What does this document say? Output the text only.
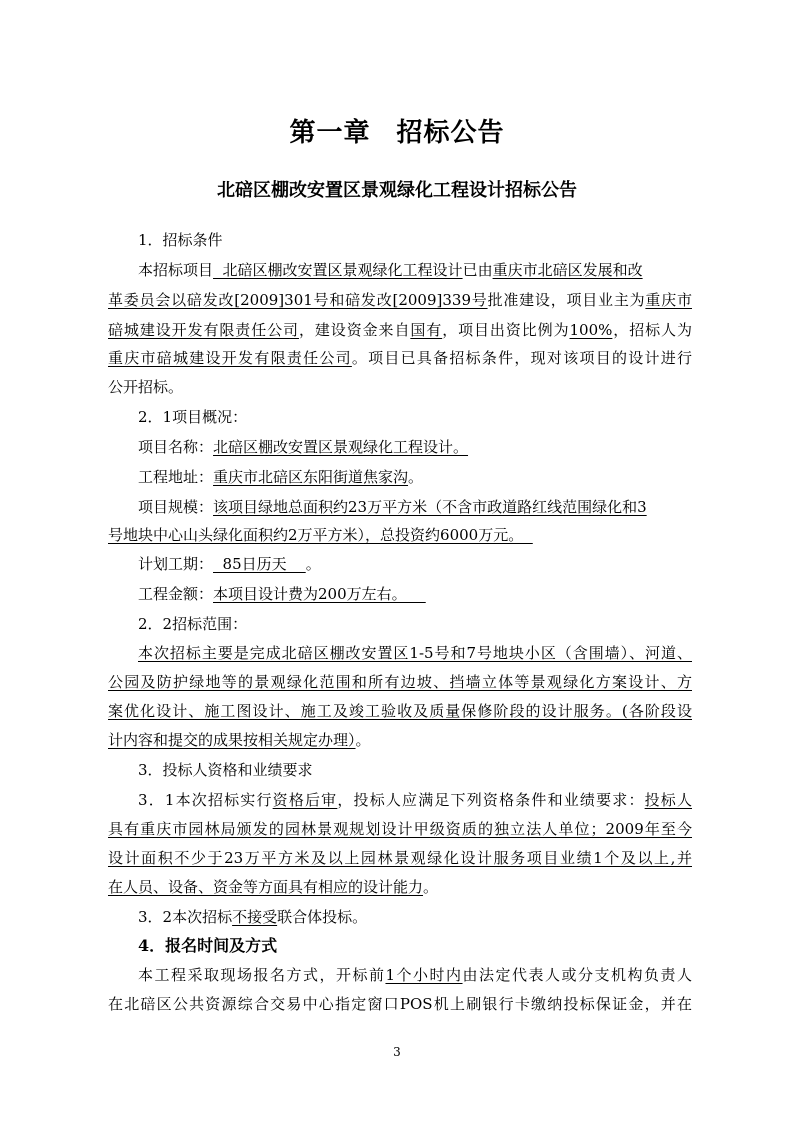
第一章 招标公告
北碚区棚改安置区景观绿化工程设计招标公告
1．招标条件
本招标项目  北碚区棚改安置区景观绿化工程设计已由重庆市北碚区发展和改
革委员会以碚发改[2009]301号和碚发改[2009]339号批准建设，项目业主为重庆市
碚城建设开发有限责任公司，建设资金来自国有，项目出资比例为100%，招标人为
重庆市碚城建设开发有限责任公司。项目已具备招标条件，现对该项目的设计进行
公开招标。
2．1项目概况：
项目名称：北碚区棚改安置区景观绿化工程设计。
工程地址：重庆市北碚区东阳街道焦家沟。
项目规模：该项目绿地总面积约23万平方米（不含市政道路红线范围绿化和3
号地块中心山头绿化面积约2万平方米），总投资约6000万元。
计划工期：  85日历天    。
工程金额：本项目设计费为200万左右。
2．2招标范围：
本次招标主要是完成北碚区棚改安置区1-5号和7号地块小区（含围墙）、河道、
公园及防护绿地等的景观绿化范围和所有边坡、挡墙立体等景观绿化方案设计、方
案优化设计、施工图设计、施工及竣工验收及质量保修阶段的设计服务。(各阶段设
计内容和提交的成果按相关规定办理）。
3．投标人资格和业绩要求
3．1本次招标实行资格后审，投标人应满足下列资格条件和业绩要求：投标人
具有重庆市园林局颁发的园林景观规划设计甲级资质的独立法人单位；2009年至今
设计面积不少于23万平方米及以上园林景观绿化设计服务项目业绩1个及以上,并
在人员、设备、资金等方面具有相应的设计能力。
3．2本次招标不接受联合体投标。
4．报名时间及方式
本工程采取现场报名方式，开标前1个小时内由法定代表人或分支机构负责人
在北碚区公共资源综合交易中心指定窗口POS机上刷银行卡缴纳投标保证金，并在
3
